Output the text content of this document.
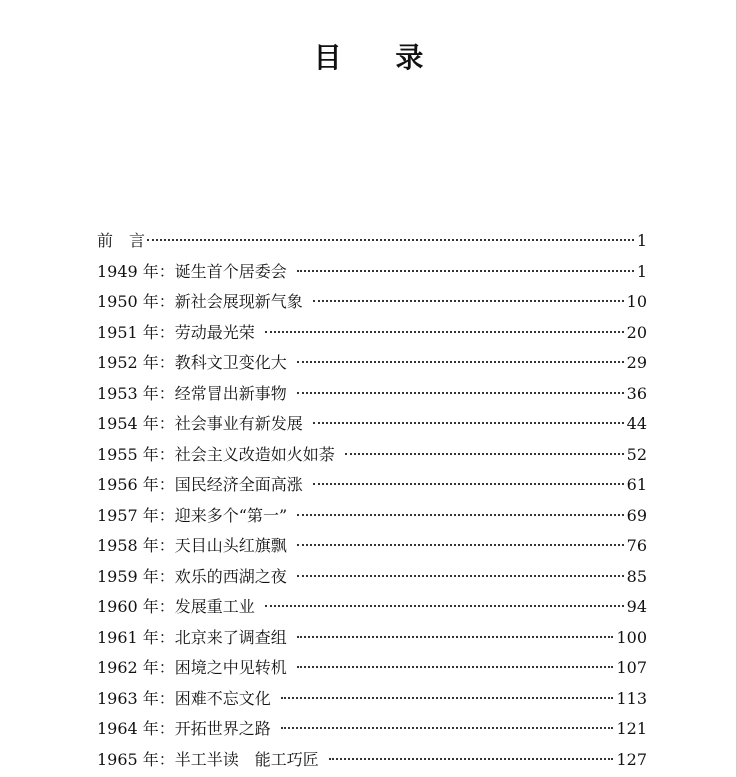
目 录
前言	1
1949 年：诞生首个居委会	1
1950 年：新社会展现新气象	10
1951 年：劳动最光荣	20
1952 年：教科文卫变化大	29
1953 年：经常冒出新事物	36
1954 年：社会事业有新发展	44
1955 年：社会主义改造如火如荼	52
1956 年：国民经济全面高涨	61
1957 年：迎来多个“第一”	69
1958 年：天目山头红旗飘	76
1959 年：欢乐的西湖之夜	85
1960 年：发展重工业	94
1961 年：北京来了调查组	100
1962 年：困境之中见转机	107
1963 年：困难不忘文化	113
1964 年：开拓世界之路	121
1965 年：半工半读　能工巧匠	127
